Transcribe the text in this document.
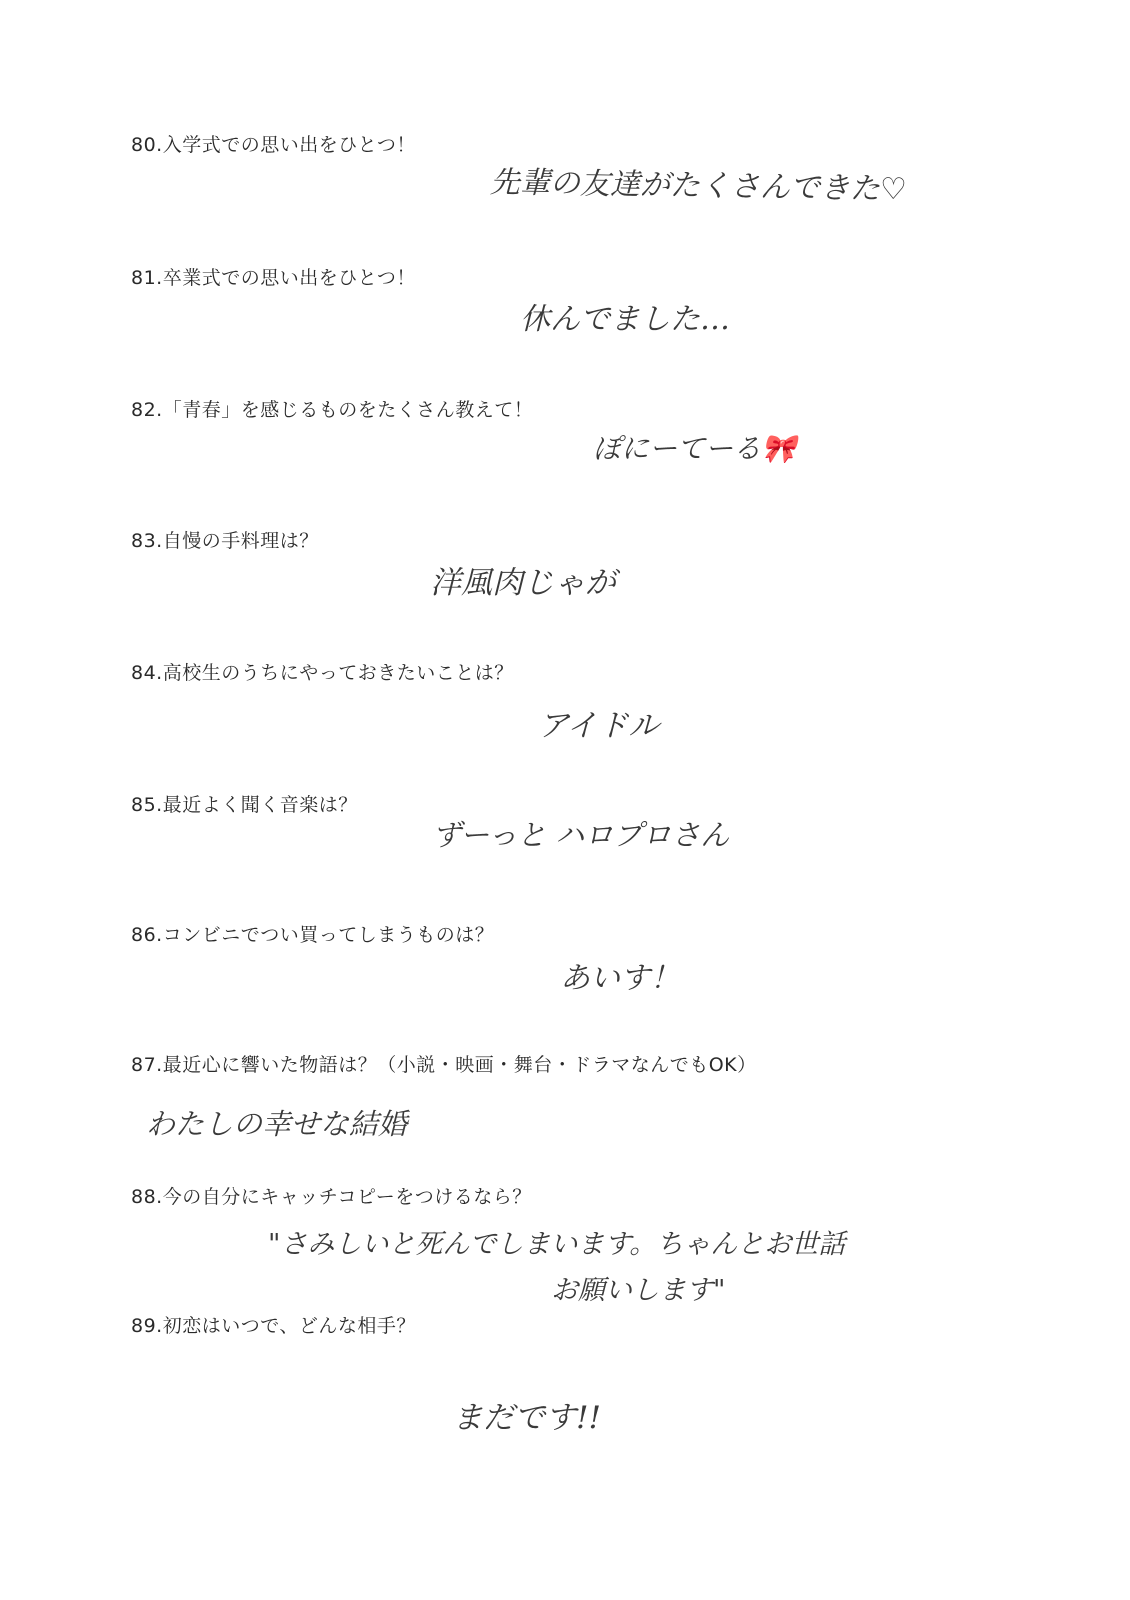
80.入学式での思い出をひとつ！
先輩の友達がたくさんできた♡
81.卒業式での思い出をひとつ！
休んでました…
82.「青春」を感じるものをたくさん教えて！
ぽにーてーる🎀
83.自慢の手料理は？
洋風肉じゃが
84.高校生のうちにやっておきたいことは？
アイドル
85.最近よく聞く音楽は？
ずーっと ハロプロさん
86.コンビニでつい買ってしまうものは？
あいす！
87.最近心に響いた物語は？（小説・映画・舞台・ドラマなんでもOK）
わたしの幸せな結婚
88.今の自分にキャッチコピーをつけるなら？
"さみしいと死んでしまいます。ちゃんとお世話
お願いします"
89.初恋はいつで、どんな相手？
まだです!!
